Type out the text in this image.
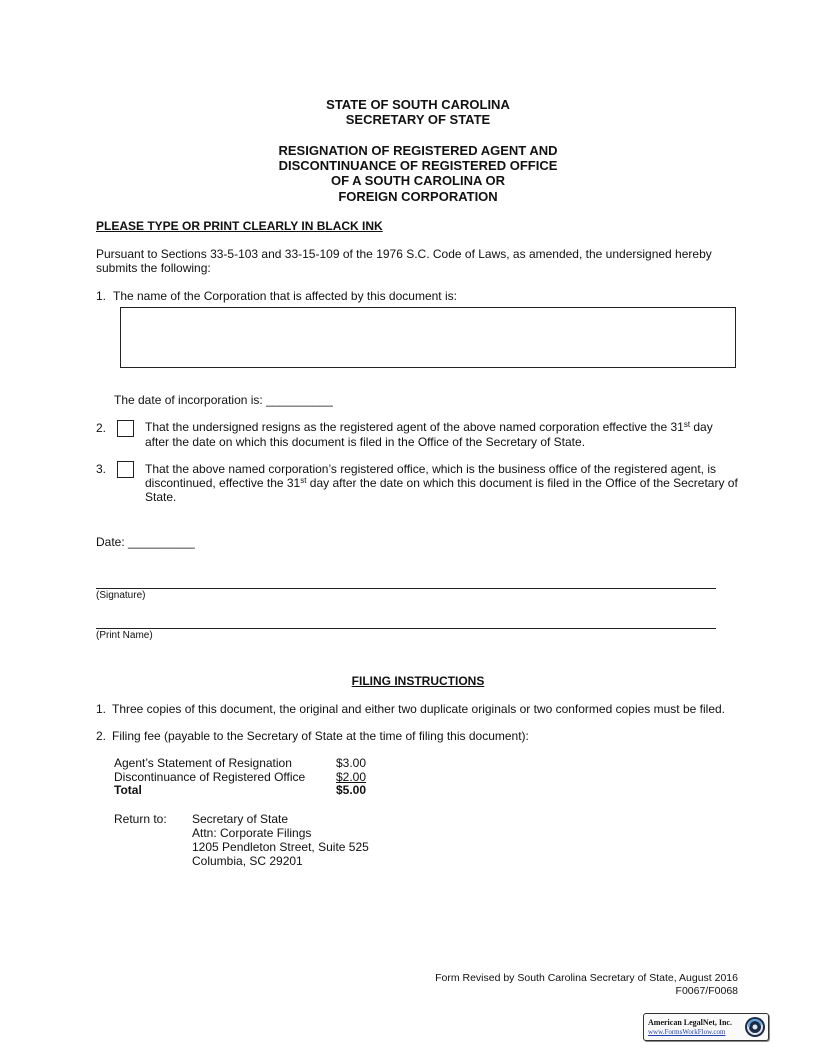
STATE OF SOUTH CAROLINA
SECRETARY OF STATE
RESIGNATION OF REGISTERED AGENT AND
DISCONTINUANCE OF REGISTERED OFFICE
OF A SOUTH CAROLINA OR
FOREIGN CORPORATION
PLEASE TYPE OR PRINT CLEARLY IN BLACK INK
Pursuant to Sections 33-5-103 and 33-15-109 of the 1976 S.C. Code of Laws, as amended, the undersigned hereby
submits the following:
1. The name of the Corporation that is affected by this document is:
The date of incorporation is: __________
2.	That the undersigned resigns as the registered agent of the above named corporation effective the 31st day
after the date on which this document is filed in the Office of the Secretary of State.
3.	That the above named corporation’s registered office, which is the business office of the registered agent, is
discontinued, effective the 31st day after the date on which this document is filed in the Office of the Secretary of
State.
Date: __________
(Signature)
(Print Name)
FILING INSTRUCTIONS
1. Three copies of this document, the original and either two duplicate originals or two conformed copies must be filed.
2. Filing fee (payable to the Secretary of State at the time of filing this document):
Agent’s Statement of Resignation	$3.00
Discontinuance of Registered Office	$2.00
Total	$5.00
Return to: Secretary of State
Attn: Corporate Filings
1205 Pendleton Street, Suite 525
Columbia, SC 29201
Form Revised by South Carolina Secretary of State, August 2016
F0067/F0068
American LegalNet, Inc.
www.FormsWorkFlow.com
